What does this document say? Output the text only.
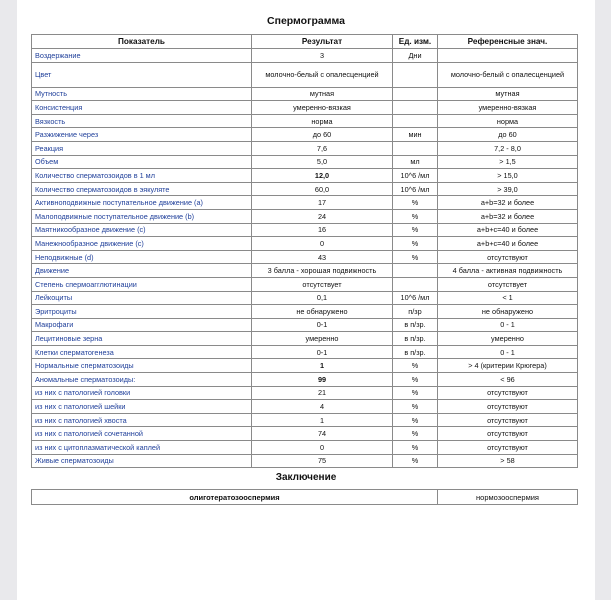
Спермограмма
Показатель	Результат	Ед. изм.	Референсные знач.
Воздержание	3	Дни	
Цвет	молочно-белый с опалесценцией		молочно-белый с опалесценцией
Мутность	мутная		мутная
Консистенция	умеренно-вязкая		умеренно-вязкая
Вязкость	норма		норма
Разжижение через	до 60	мин	до 60
Реакция	7,6		7,2 - 8,0
Объем	5,0	мл	> 1,5
Количество сперматозоидов в 1 мл	12,0	10^6 /мл	> 15,0
Количество сперматозоидов в эякуляте	60,0	10^6 /мл	> 39,0
Активноподвижные поступательное движение (a)	17	%	a+b=32 и более
Малоподвижные поступательное движение (b)	24	%	a+b=32 и более
Маятникообразное движение (c)	16	%	a+b+c=40 и более
Манежнообразное движение (c)	0	%	a+b+c=40 и более
Неподвижные (d)	43	%	отсутствуют
Движение	3 балла - хорошая подвижность		4 балла - активная подвижность
Степень спермоагглютинации	отсутствует		отсутствует
Лейкоциты	0,1	10^6 /мл	< 1
Эритроциты	не обнаружено	п/зр	не обнаружено
Макрофаги	0-1	в п/зр.	0 - 1
Лецитиновые зерна	умеренно	в п/зр.	умеренно
Клетки сперматогенеза	0-1	в п/зр.	0 - 1
Нормальные сперматозоиды	1	%	> 4 (критерии Крюгера)
Аномальные сперматозоиды:	99	%	< 96
из них с патологией головки	21	%	отсутствуют
из них с патологией шейки	4	%	отсутствуют
из них с патологией хвоста	1	%	отсутствуют
из них с патологией сочетанной	74	%	отсутствуют
из них с цитоплазматической каплей	0	%	отсутствуют
Живые сперматозоиды	75	%	> 58
Заключение
олиготератозооспермия	нормозооспермия
